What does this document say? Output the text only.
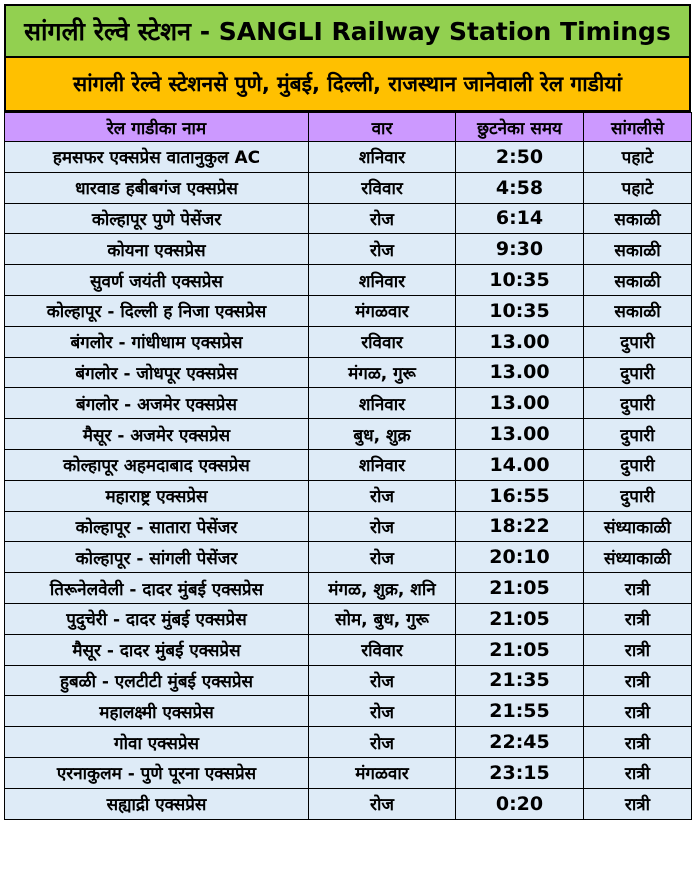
सांगली रेल्वे स्टेशन - SANGLI Railway Station Timings
सांगली रेल्वे स्टेशनसे पुणे, मुंबई, दिल्ली, राजस्थान जानेवाली रेल गाडीयां
रेल गाडीका नाम	वार	छुटनेका समय	सांगलीसे
हमसफर एक्सप्रेस वातानुकुल AC	शनिवार	2:50	पहाटे
धारवाड हबीबगंज एक्सप्रेस	रविवार	4:58	पहाटे
कोल्हापूर पुणे पेसेंजर	रोज	6:14	सकाळी
कोयना एक्सप्रेस	रोज	9:30	सकाळी
सुवर्ण जयंती एक्सप्रेस	शनिवार	10:35	सकाळी
कोल्हापूर - दिल्ली ह निजा एक्सप्रेस	मंगळवार	10:35	सकाळी
बंगलोर - गांधीधाम एक्सप्रेस	रविवार	13.00	दुपारी
बंगलोर - जोधपूर एक्सप्रेस	मंगळ, गुरू	13.00	दुपारी
बंगलोर - अजमेर एक्सप्रेस	शनिवार	13.00	दुपारी
मैसूर - अजमेर एक्सप्रेस	बुध, शुक्र	13.00	दुपारी
कोल्हापूर अहमदाबाद एक्सप्रेस	शनिवार	14.00	दुपारी
महाराष्ट्र एक्सप्रेस	रोज	16:55	दुपारी
कोल्हापूर - सातारा पेसेंजर	रोज	18:22	संध्याकाळी
कोल्हापूर - सांगली पेसेंजर	रोज	20:10	संध्याकाळी
तिरूनेलवेली - दादर मुंबई एक्सप्रेस	मंगळ, शुक्र, शनि	21:05	रात्री
पुदुचेरी - दादर मुंबई एक्सप्रेस	सोम, बुध, गुरू	21:05	रात्री
मैसूर - दादर मुंबई एक्सप्रेस	रविवार	21:05	रात्री
हुबळी - एलटीटी मुंबई एक्सप्रेस	रोज	21:35	रात्री
महालक्ष्मी एक्सप्रेस	रोज	21:55	रात्री
गोवा एक्सप्रेस	रोज	22:45	रात्री
एरनाकुलम - पुणे पूरना एक्सप्रेस	मंगळवार	23:15	रात्री
सह्याद्री एक्सप्रेस	रोज	0:20	रात्री
